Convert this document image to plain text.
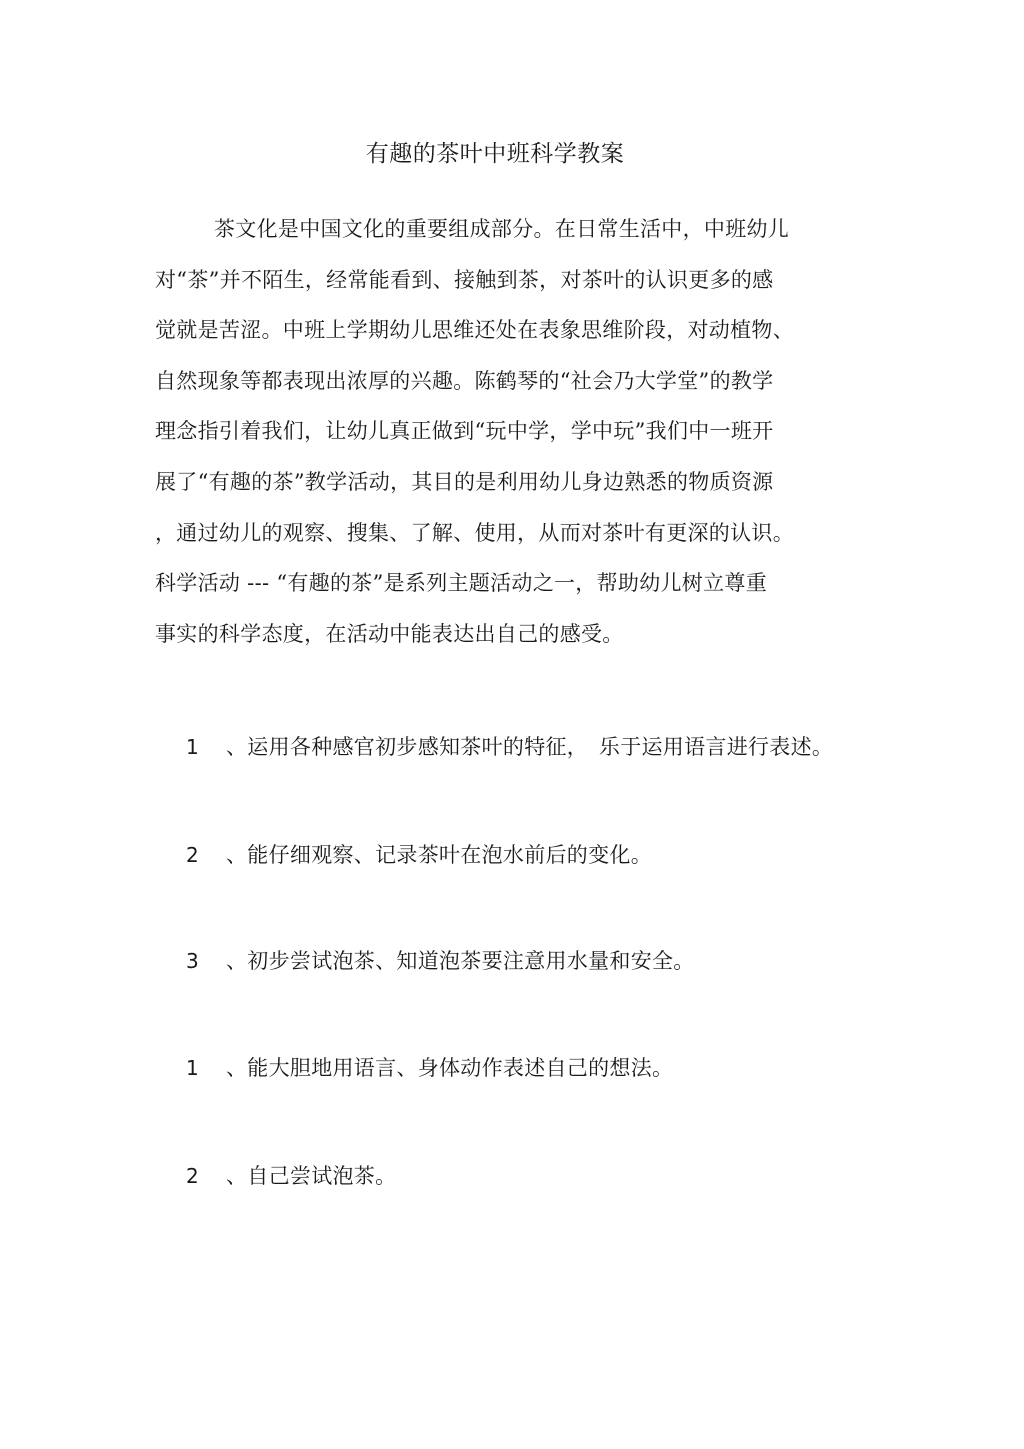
有趣的茶叶中班科学教案
茶文化是中国文化的重要组成部分。在日常生活中，中班幼儿
对“茶”并不陌生，经常能看到、接触到茶，对茶叶的认识更多的感
觉就是苦涩。中班上学期幼儿思维还处在表象思维阶段，对动植物、
自然现象等都表现出浓厚的兴趣。陈鹤琴的“社会乃大学堂”的教学
理念指引着我们，让幼儿真正做到“玩中学，学中玩”我们中一班开
展了“有趣的茶”教学活动，其目的是利用幼儿身边熟悉的物质资源
，通过幼儿的观察、搜集、了解、使用，从而对茶叶有更深的认识。
科学活动 --- “有趣的茶”是系列主题活动之一，帮助幼儿树立尊重
事实的科学态度，在活动中能表达出自己的感受。
1 、运用各种感官初步感知茶叶的特征，　乐于运用语言进行表述。
2 、能仔细观察、记录茶叶在泡水前后的变化。
3 、初步尝试泡茶、知道泡茶要注意用水量和安全。
1 、能大胆地用语言、身体动作表述自己的想法。
2 、自己尝试泡茶。
